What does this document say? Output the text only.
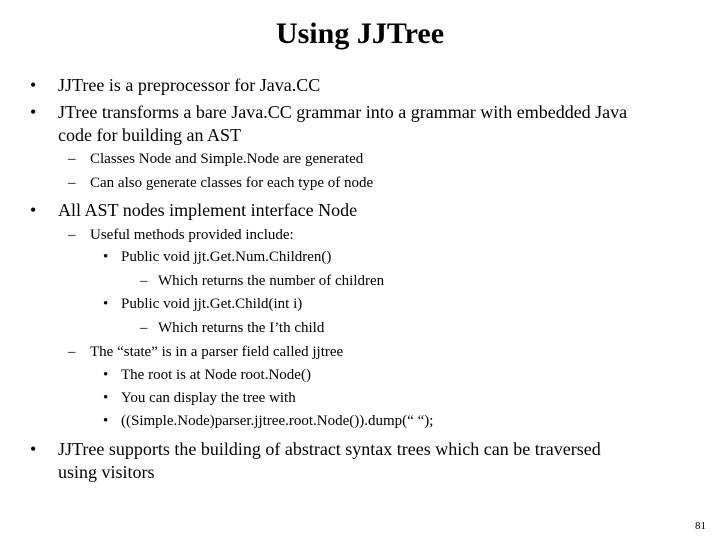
Using JJTree
• JJTree is a preprocessor for Java.CC
• JTree transforms a bare Java.CC grammar into a grammar with embedded Java
code for building an AST
– Classes Node and Simple.Node are generated
– Can also generate classes for each type of node
• All AST nodes implement interface Node
– Useful methods provided include:
• Public void jjt.Get.Num.Children()
– Which returns the number of children
• Public void jjt.Get.Child(int i)
– Which returns the I’th child
– The “state” is in a parser field called jjtree
• The root is at Node root.Node()
• You can display the tree with
• ((Simple.Node)parser.jjtree.root.Node()).dump(“ “);
• JJTree supports the building of abstract syntax trees which can be traversed
using visitors
81
